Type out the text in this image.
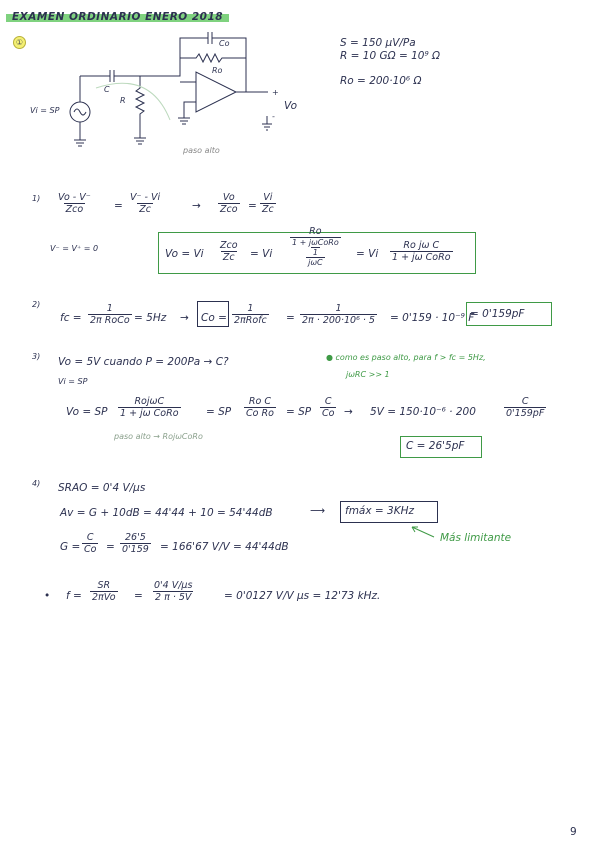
EXAMEN ORDINARIO ENERO 2018
①	Co
Ro
C
R
Vi = SP	Vo
+
-
paso alto
S = 150 μV/Pa
R = 10 GΩ = 10⁹ Ω
Ro = 200·10⁶ Ω
1) Vo - V⁻
Zco	= $\frac{V^- - Vi}{Zc}$	→
Vo
Zco = $\frac{Vi}{Zc}$
V⁻ = V⁺ = 0	Vo = Vi
Zco
Zc = Vi
Ro
1 + jωCoRo
1
jωC
= Vi
Ro jω C
1 + jω CoRo
2)
fc =
1
2π RoCo = 5Hz → Co =
1
2πRofc = $\frac{1}{\text{2π · 200·10⁶ · 5}} = 0'159 \cdot 10^{-9}$ F
= 0'159pF
3) Vo = 5V cuando P = 200Pa → C?	● como es paso alto, para f > fc = 5Hz,
jωRC >> 1
Vi = SP
Vo = SP
RojωC
1 + jω CoRo	= SP $\frac{\text{Ro C}}{\text{Co Ro}}$ = SP $\frac{C}{Co} \to 5V = 150\cdot 10^{-6} \cdot 200$	$\frac{C}{0'159pF}$
paso alto → RojωCoRo
C = 26'5pF
4) SRAO = 0'4 V/μs
Av = G + 10dB = 44'44 + 10 = 54'44dB	⟶ fmáx = 3KHz
$G = \frac{C}{Co} = \frac{26'5}{0'159} = 166'67$ V/V = 44'44dB
Más limitante
• f =
SR
$2\pi Vo = \frac{0'4 V/\mu s}{2 \pi \cdot 5V}$	= 0'0127 V/V μs = 12'73 kHz.
9
